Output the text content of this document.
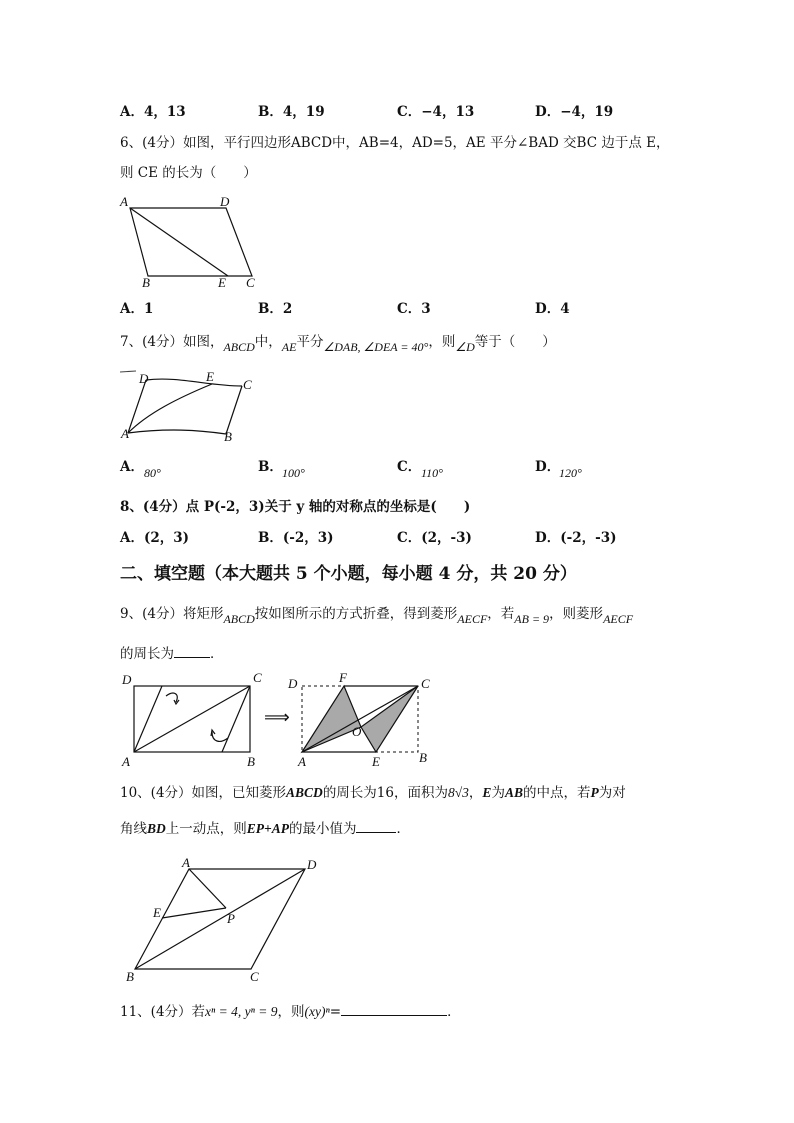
A．4，13	B．4，19	C．−4，13	D．−4，19
6、(4分）如图，平行四边形ABCD中，AB=4，AD=5，AE 平分∠BAD 交BC 边于点 E，
则 CE 的长为（　　）
A	D
B	E C
A．1	B．2	C．3	D．4
7、(4分）如图，ABCD中，AE平分∠DAB, ∠DEA = 40°，则∠D等于（　　）
D	E
C
A	B
A． 80°	B． 100°	C． 110°	D．
120°
8、(4分）点 P(-2，3)关于 y 轴的对称点的坐标是(　　)
A．(2，3)	B．(-2，3)	C．(2，-3)	D．(-2，-3)
二、填空题（本大题共 5 个小题，每小题 4 分，共 20 分）
9、(4分）将矩形ABCD按如图所示的方式折叠，得到菱形AECF，若AB = 9，则菱形AECF
的周长为	．
D	C
A	B
⟹
D	F	C
O
A	E	B
10、(4分）如图，已知菱形ABCD的周长为16，面积为8√3，E为AB的中点，若P为对
角线BD上一动点，则EP+AP的最小值为	．
A	D
E	P
B	C
11、(4分）若xⁿ = 4, yⁿ = 9，则(xy)ⁿ=	．
